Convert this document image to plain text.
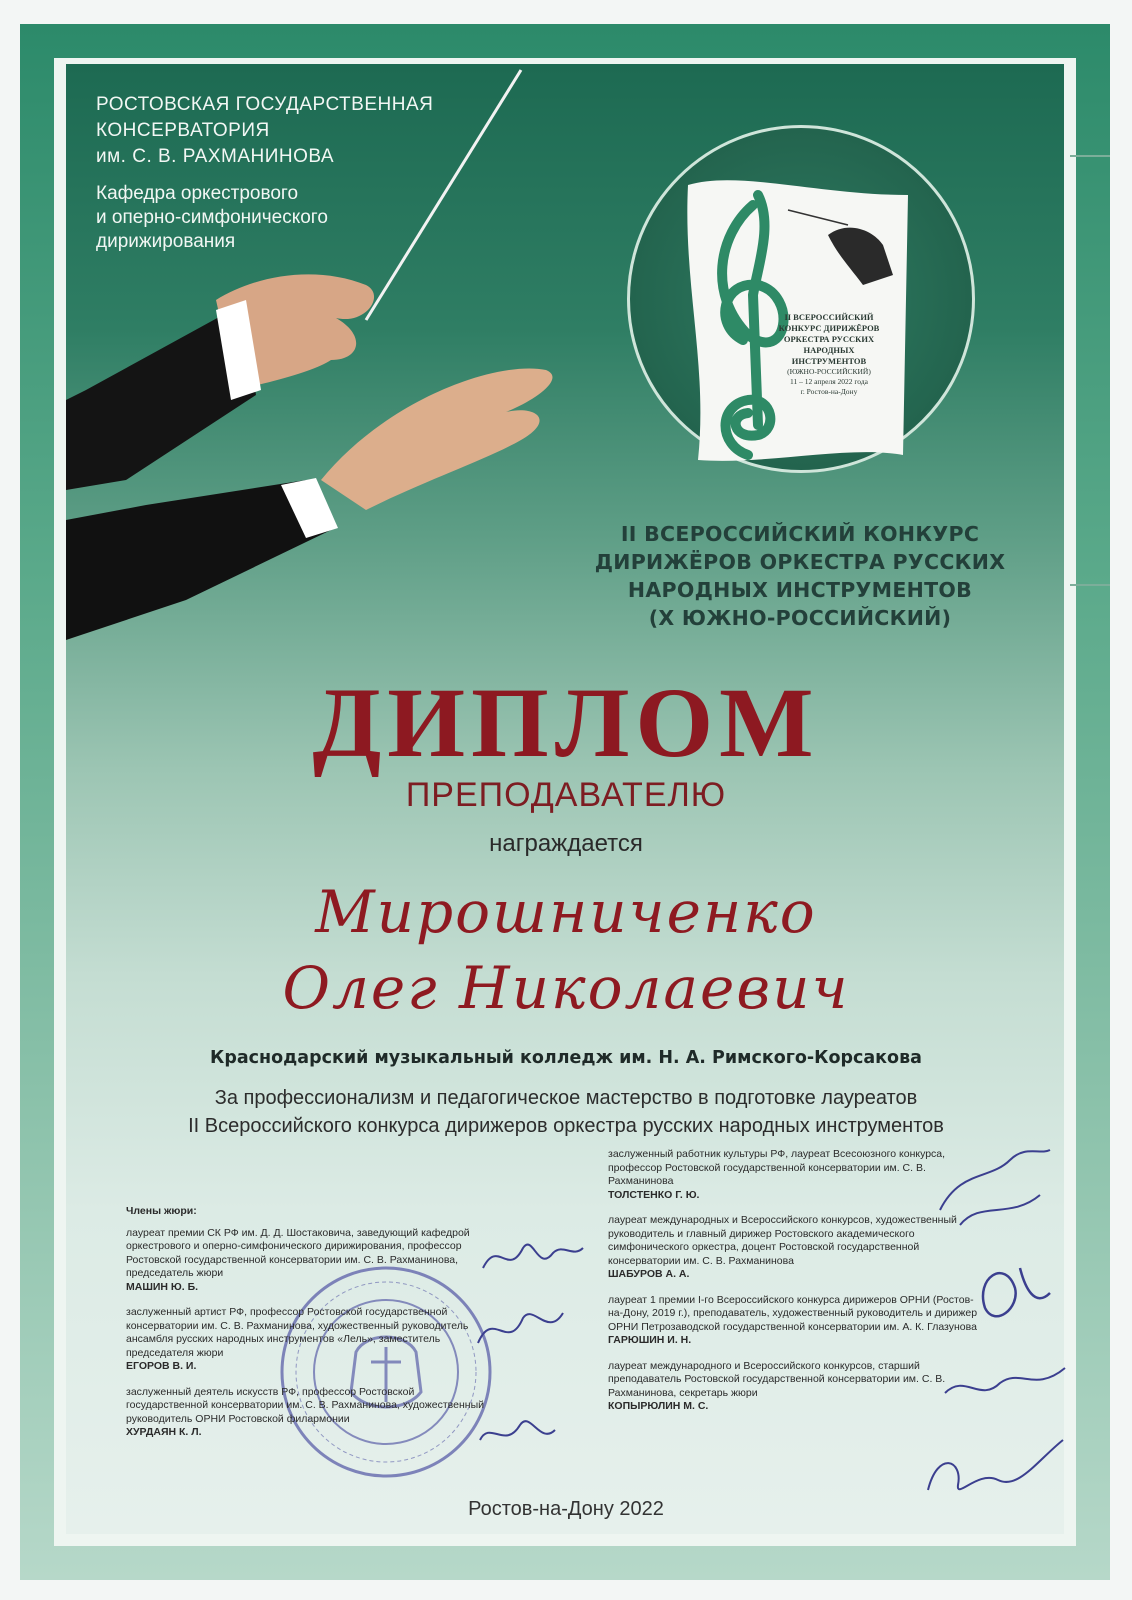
РОСТОВСКАЯ ГОСУДАРСТВЕННАЯ
КОНСЕРВАТОРИЯ
им. С. В. РАХМАНИНОВА
Кафедра оркестрового
и оперно-симфонического
дирижирования
II ВСЕРОССИЙСКИЙ
КОНКУРС ДИРИЖЁРОВ
ОРКЕСТРА РУССКИХ
НАРОДНЫХ
ИНСТРУМЕНТОВ
(ЮЖНО-РОССИЙСКИЙ)
11 – 12 апреля 2022 года
г. Ростов-на-Дону
II ВСЕРОССИЙСКИЙ КОНКУРС
ДИРИЖЁРОВ ОРКЕСТРА РУССКИХ
НАРОДНЫХ ИНСТРУМЕНТОВ
(X ЮЖНО-РОССИЙСКИЙ)
ДИПЛОМ
ПРЕПОДАВАТЕЛЮ
награждается
Мирошниченко
Олег Николаевич
Краснодарский музыкальный колледж им. Н. А. Римского-Корсакова
За профессионализм и педагогическое мастерство в подготовке лауреатов
II Всероссийского конкурса дирижеров оркестра русских народных инструментов
Члены жюри:
лауреат премии СК РФ им. Д. Д. Шостаковича, заведующий кафедрой оркестрового и оперно-симфонического дирижирования, профессор Ростовской государственной консерватории им. С. В. Рахманинова, председатель жюри
МАШИН Ю. Б.
заслуженный артист РФ, профессор Ростовской государственной консерватории им. С. В. Рахманинова, художественный руководитель ансамбля русских народных инструментов «Лель», заместитель председателя жюри
ЕГОРОВ В. И.
заслуженный деятель искусств РФ, профессор Ростовской государственной консерватории им. С. В. Рахманинова, художественный руководитель ОРНИ Ростовской филармонии
ХУРДАЯН К. Л.
заслуженный работник культуры РФ, лауреат Всесоюзного конкурса, профессор Ростовской государственной консерватории им. С. В. Рахманинова
ТОЛСТЕНКО Г. Ю.
лауреат международных и Всероссийского конкурсов, художественный руководитель и главный дирижер Ростовского академического симфонического оркестра, доцент Ростовской государственной консерватории им. С. В. Рахманинова
ШАБУРОВ А. А.
лауреат 1 премии I-го Всероссийского конкурса дирижеров ОРНИ (Ростов-на-Дону, 2019 г.), преподаватель, художественный руководитель и дирижер ОРНИ Петрозаводской государственной консерватории им. А. К. Глазунова
ГАРЮШИН И. Н.
лауреат международного и Всероссийского конкурсов, старший преподаватель Ростовской государственной консерватории им. С. В. Рахманинова, секретарь жюри
КОПЫРЮЛИН М. С.
Ростов-на-Дону 2022
